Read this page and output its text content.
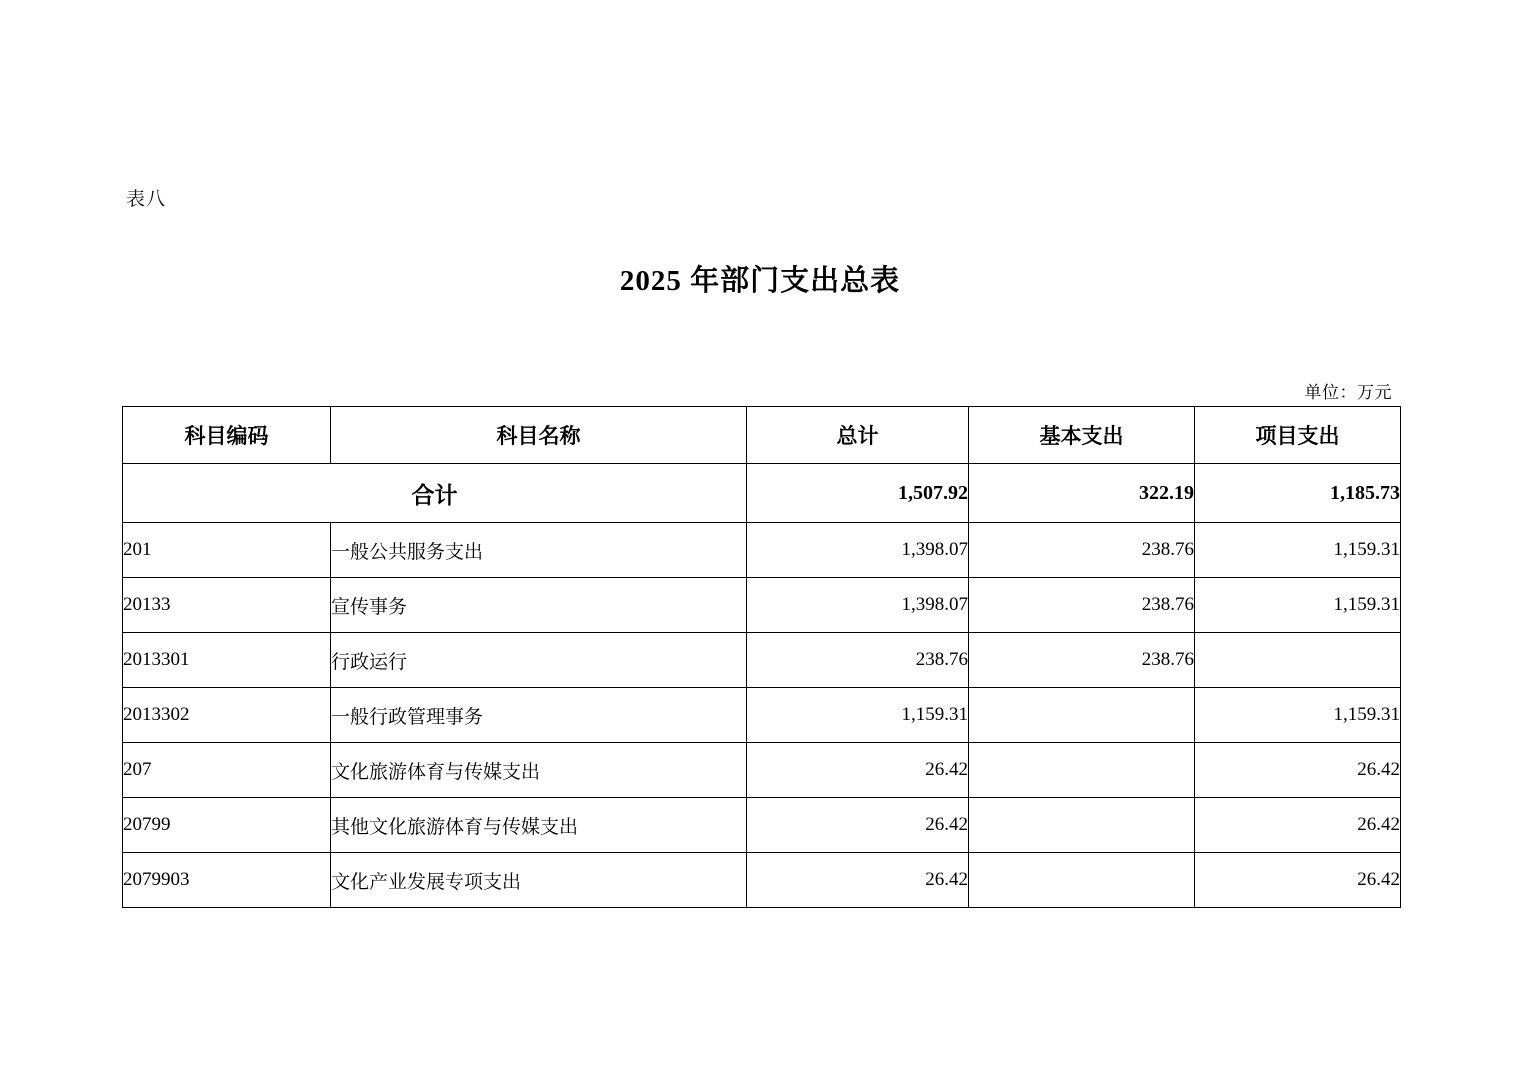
表八
2025 年部门支出总表
单位：万元
科目编码	科目名称	总计	基本支出	项目支出
合计		1,507.92	322.19	1,185.73
201	一般公共服务支出	1,398.07	238.76	1,159.31
20133	宣传事务	1,398.07	238.76	1,159.31
2013301	行政运行	238.76	238.76	
2013302	一般行政管理事务	1,159.31		1,159.31
207	文化旅游体育与传媒支出	26.42		26.42
20799	其他文化旅游体育与传媒支出	26.42		26.42
2079903	文化产业发展专项支出	26.42		26.42
